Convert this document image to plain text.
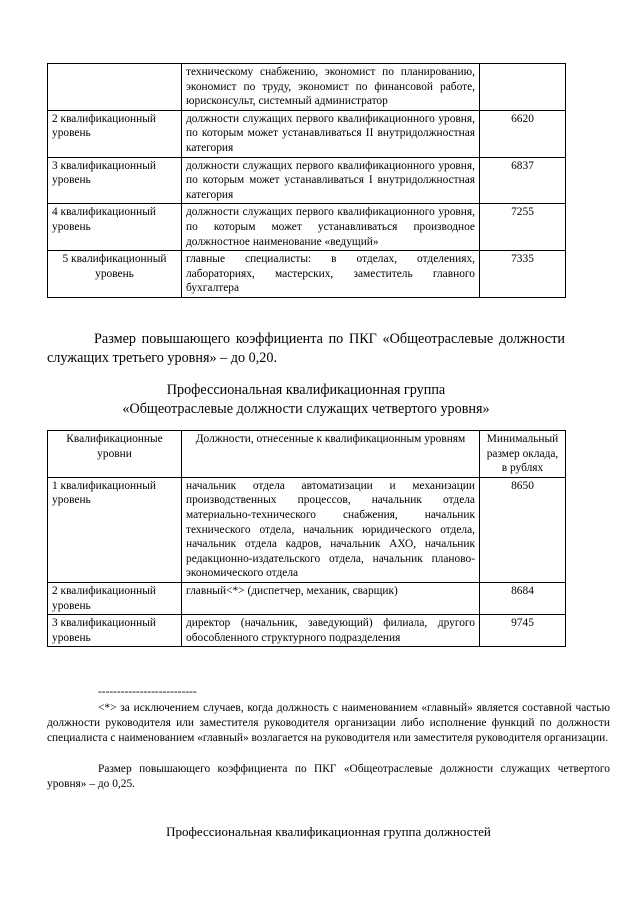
	техническому снабжению, экономист по планированию, экономист по труду, экономист по финансовой работе, юрисконсульт, системный администратор	
2 квалификационный уровень	должности служащих первого квалификационного уровня, по которым может устанавливаться II внутридолжностная категория	6620
3 квалификационный уровень	должности служащих первого квалификационного уровня, по которым может устанавливаться I внутридолжностная категория	6837
4 квалификационный уровень	должности служащих первого квалификационного уровня, по которым может устанавливаться производное должностное наименование «ведущий»	7255
5 квалификационный уровень	главные специалисты: в отделах, отделениях, лабораториях, мастерских, заместитель главного бухгалтера	7335
Размер повышающего коэффициента по ПКГ «Общеотраслевые должности служащих третьего уровня» – до 0,20.
Профессиональная квалификационная группа
«Общеотраслевые должности служащих четвертого уровня»
Квалификационные уровни	Должности, отнесенные к квалификационным уровням	Минимальный размер оклада, в рублях
1 квалификационный уровень	начальник отдела автоматизации и механизации производственных процессов, начальник отдела материально-технического снабжения, начальник технического отдела, начальник юридического отдела, начальник отдела кадров, начальник АХО, начальник редакционно-издательского отдела, начальник планово-экономического отдела	8650
2 квалификационный уровень	главный<*> (диспетчер, механик, сварщик)	8684
3 квалификационный уровень	директор (начальник, заведующий) филиала, другого обособленного структурного подразделения	9745
--------------------------
<*> за исключением случаев, когда должность с наименованием «главный» является составной частью должности руководителя или заместителя руководителя организации либо исполнение функций по должности специалиста с наименованием «главный» возлагается на руководителя или заместителя руководителя организации.
Размер повышающего коэффициента по ПКГ «Общеотраслевые должности служащих четвертого уровня» – до 0,25.
Профессиональная квалификационная группа должностей
